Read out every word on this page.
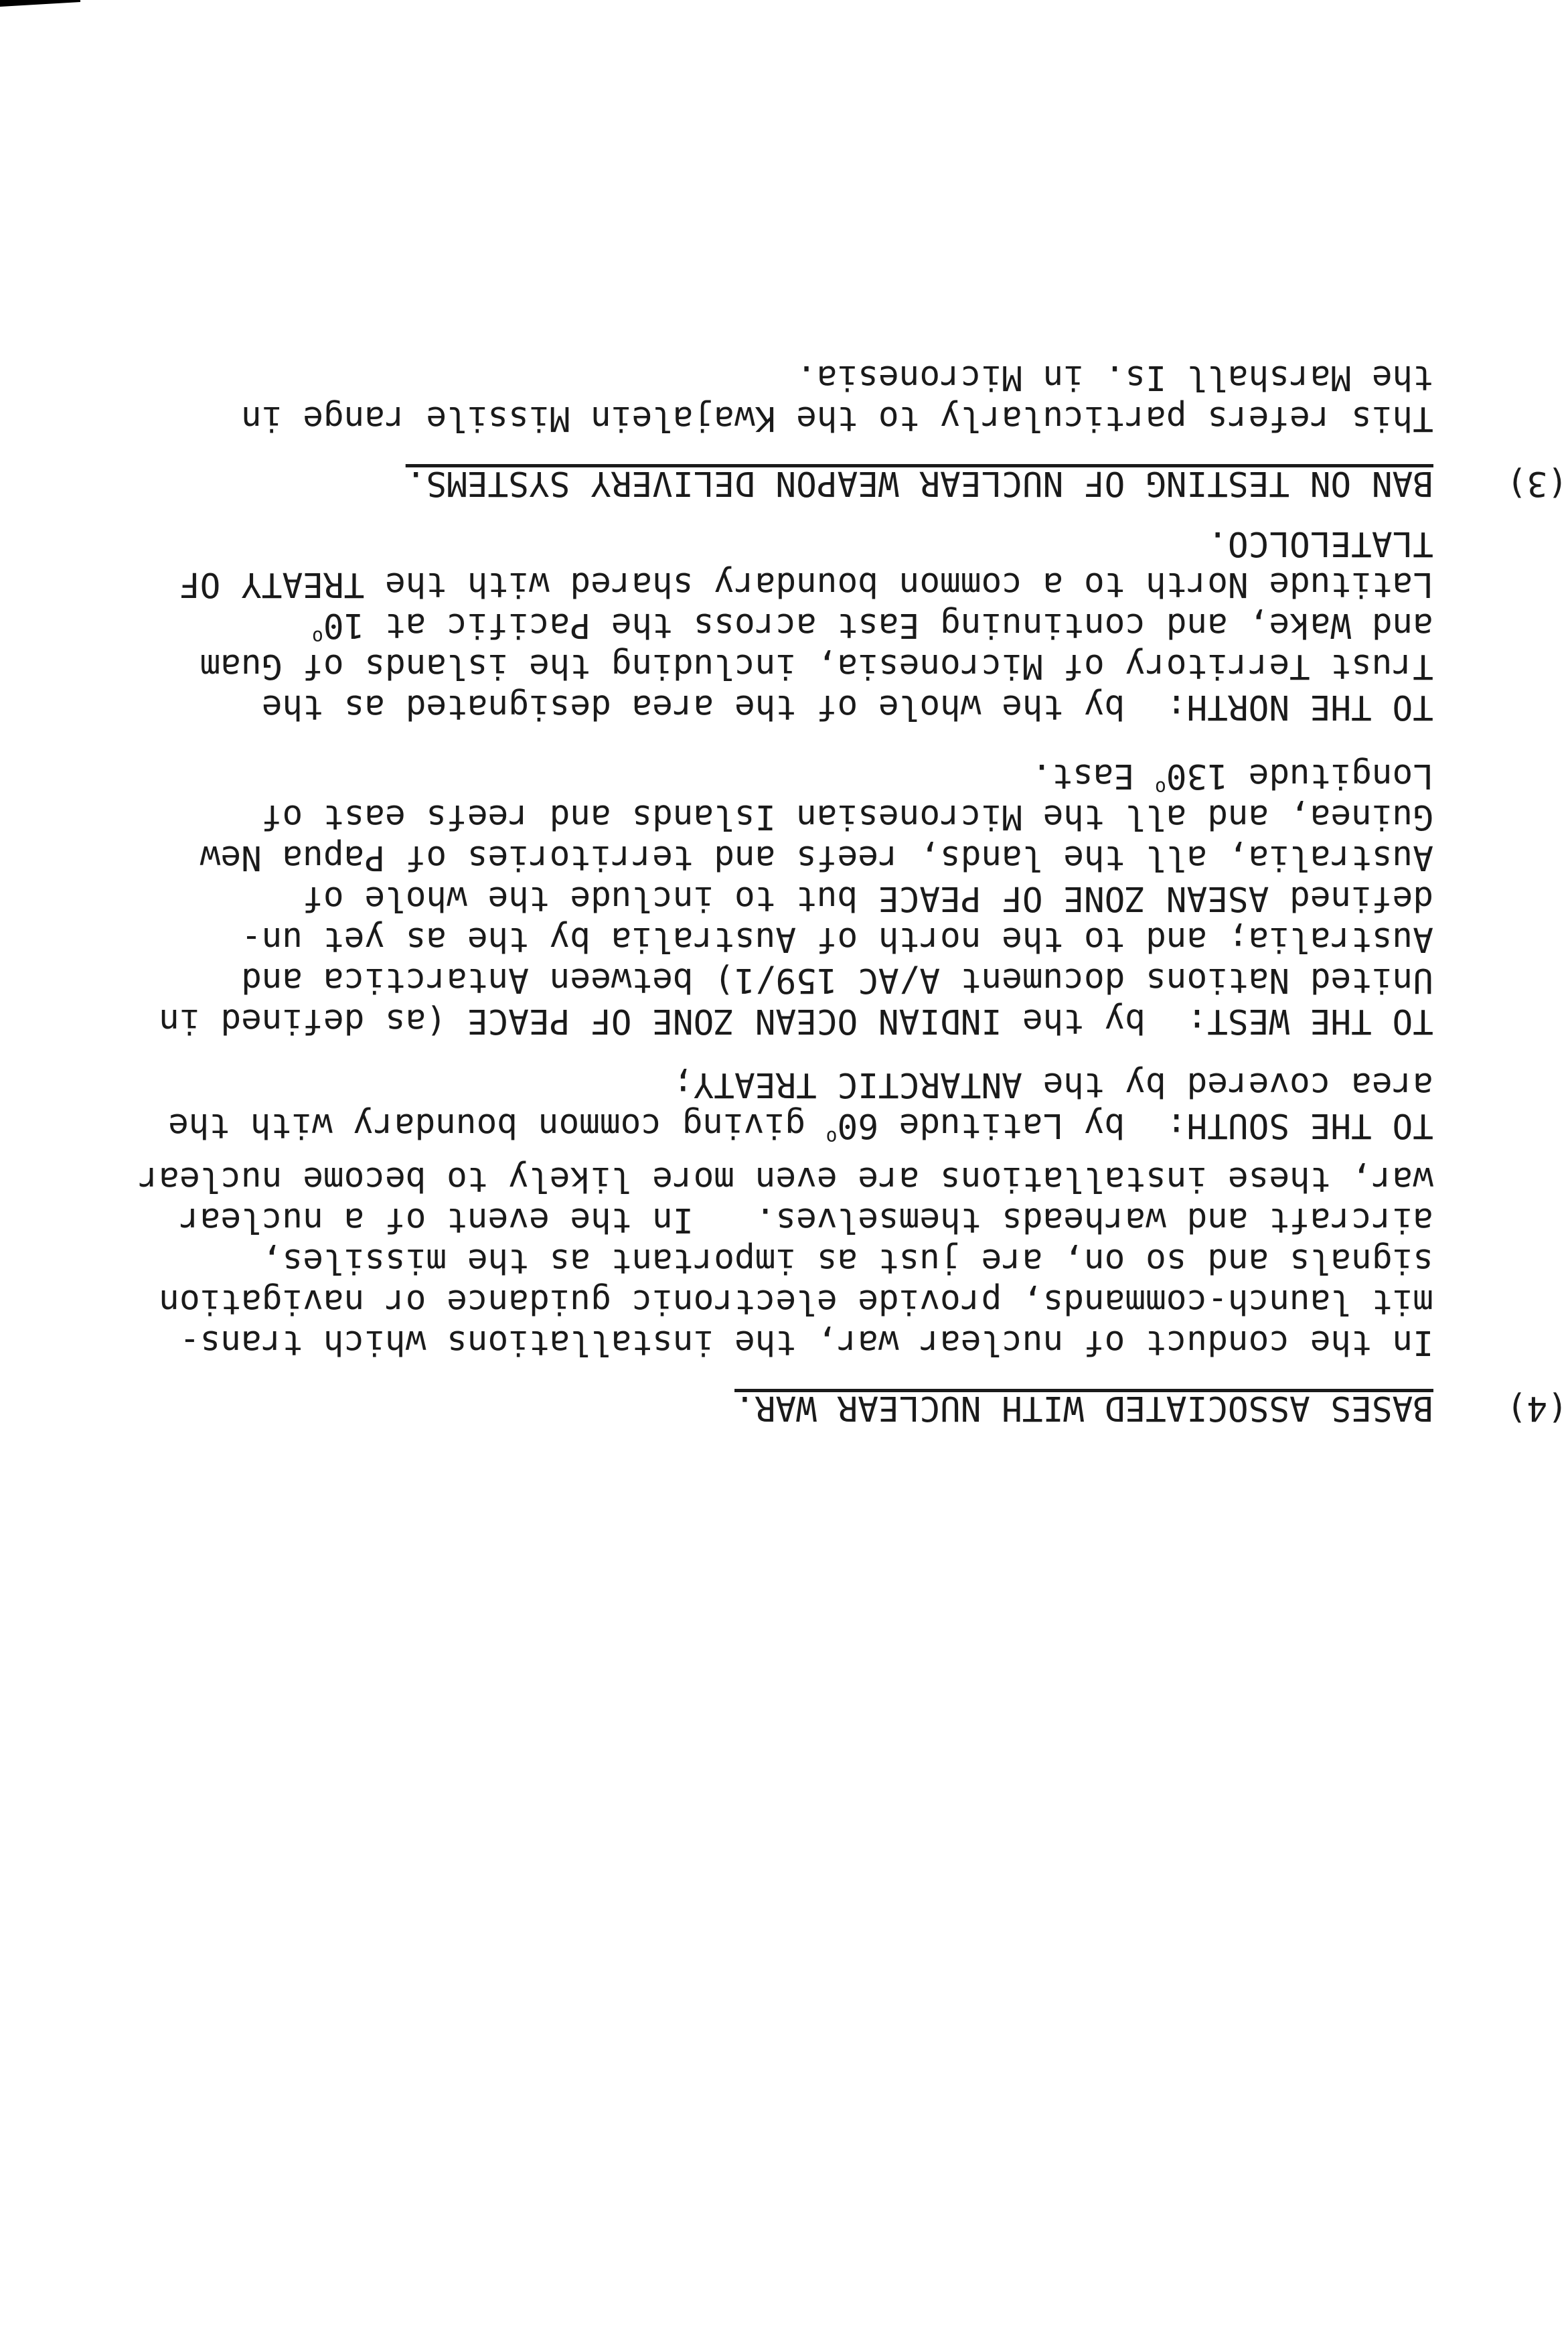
TO THE SOUTH:  by Latitude 60$^o$ giving common boundary with the
area covered by the ANTARCTIC TREATY;
TO THE WEST:  by the INDIAN OCEAN ZONE OF PEACE (as defined in
United Nations document A/AC 159/1) between Antarctica and
Australia; and to the north of Australia by the as yet un-
defined ASEAN ZONE OF PEACE but to include the whole of
Australia, all the lands, reefs and territories of Papua New
Guinea, and all the Micronesian Islands and reefs east of
Longitude 130$^o$ East.
TO THE NORTH:  by the whole of the area designated as the
Trust Territory of Micronesia, including the islands of Guam
and Wake, and continuing East across the Pacific at 10$^o$
Latitude North to a common boundary shared with the TREATY OF
TLATELOLCO.
(3)
BAN ON TESTING OF NUCLEAR WEAPON DELIVERY SYSTEMS.
This refers particularly to the Kwajalein Missile range in
the Marshall Is. in Micronesia.
(4)
BASES ASSOCIATED WITH NUCLEAR WAR.
In the conduct of nuclear war, the installations which trans-
mit launch-commands, provide electronic guidance or navigation
signals and so on, are just as important as the missiles,
aircraft and warheads themselves.   In the event of a nuclear
war, these installations are even more likely to become nuclear
